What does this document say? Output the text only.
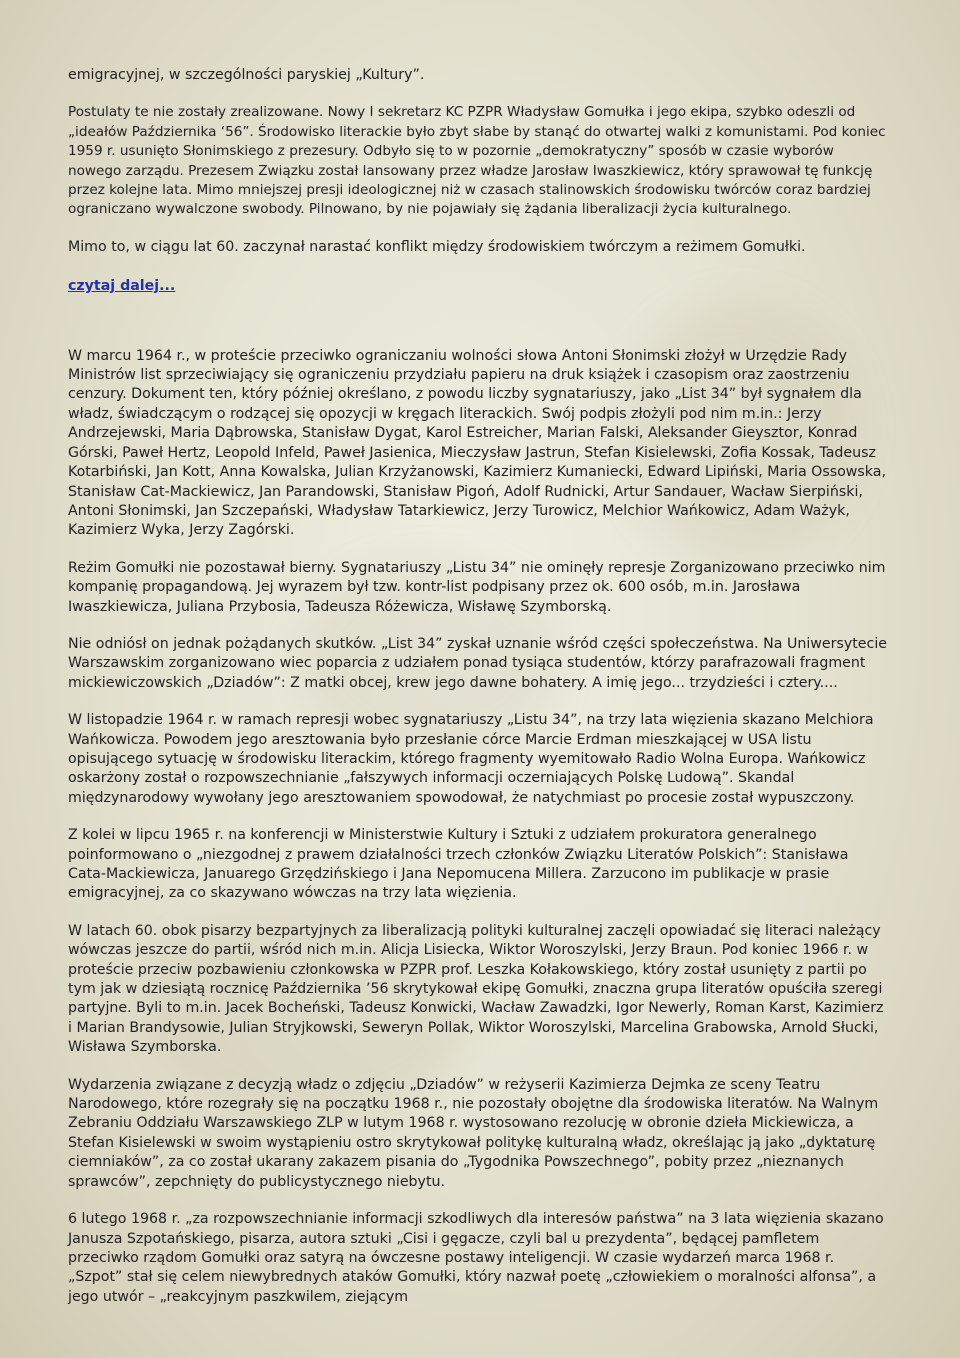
emigracyjnej, w szczególności paryskiej „Kultury”.

Postulaty te nie zostały zrealizowane. Nowy I sekretarz KC PZPR Władysław Gomułka i jego ekipa, szybko odeszli od „ideałów Października ‘56”. Środowisko literackie było zbyt słabe by stanąć do otwartej walki z komunistami. Pod koniec 1959 r. usunięto Słonimskiego z prezesury. Odbyło się to w pozornie „demokratyczny” sposób w czasie wyborów nowego zarządu. Prezesem Związku został lansowany przez władze Jarosław Iwaszkiewicz, który sprawował tę funkcję przez kolejne lata. Mimo mniejszej presji ideologicznej niż w czasach stalinowskich środowisku twórców coraz bardziej ograniczano wywalczone swobody. Pilnowano, by nie pojawiały się żądania liberalizacji życia kulturalnego.

Mimo to, w ciągu lat 60. zaczynał narastać konflikt między środowiskiem twórczym a reżimem Gomułki.

czytaj dalej...

W marcu 1964 r., w proteście przeciwko ograniczaniu wolności słowa Antoni Słonimski złożył w Urzędzie Rady Ministrów list sprzeciwiający się ograniczeniu przydziału papieru na druk książek i czasopism oraz zaostrzeniu cenzury. Dokument ten, który później określano, z powodu liczby sygnatariuszy, jako „List 34” był sygnałem dla władz, świadczącym o rodzącej się opozycji w kręgach literackich. Swój podpis złożyli pod nim m.in.: Jerzy Andrzejewski, Maria Dąbrowska, Stanisław Dygat, Karol Estreicher, Marian Falski, Aleksander Gieysztor, Konrad Górski, Paweł Hertz, Leopold Infeld, Paweł Jasienica, Mieczysław Jastrun, Stefan Kisielewski, Zofia Kossak, Tadeusz Kotarbiński, Jan Kott, Anna Kowalska, Julian Krzyżanowski, Kazimierz Kumaniecki, Edward Lipiński, Maria Ossowska, Stanisław Cat-Mackiewicz, Jan Parandowski, Stanisław Pigoń, Adolf Rudnicki, Artur Sandauer, Wacław Sierpiński, Antoni Słonimski, Jan Szczepański, Władysław Tatarkiewicz, Jerzy Turowicz, Melchior Wańkowicz, Adam Ważyk, Kazimierz Wyka, Jerzy Zagórski.

Reżim Gomułki nie pozostawał bierny. Sygnatariuszy „Listu 34” nie ominęły represje Zorganizowano przeciwko nim kompanię propagandową. Jej wyrazem był tzw. kontr-list podpisany przez ok. 600 osób, m.in. Jarosława Iwaszkiewicza, Juliana Przybosia, Tadeusza Różewicza, Wisławę Szymborską.

Nie odniósł on jednak pożądanych skutków. „List 34” zyskał uznanie wśród części społeczeństwa. Na Uniwersytecie Warszawskim zorganizowano wiec poparcia z udziałem ponad tysiąca studentów, którzy parafrazowali fragment mickiewiczowskich „Dziadów”: Z matki obcej, krew jego dawne bohatery. A imię jego... trzydzieści i cztery....

W listopadzie 1964 r. w ramach represji wobec sygnatariuszy „Listu 34”, na trzy lata więzienia skazano Melchiora Wańkowicza. Powodem jego aresztowania było przesłanie córce Marcie Erdman mieszkającej w USA listu opisującego sytuację w środowisku literackim, którego fragmenty wyemitowało Radio Wolna Europa. Wańkowicz oskarżony został o rozpowszechnianie „fałszywych informacji oczerniających Polskę Ludową”. Skandal międzynarodowy wywołany jego aresztowaniem spowodował, że natychmiast po procesie został wypuszczony.

Z kolei w lipcu 1965 r. na konferencji w Ministerstwie Kultury i Sztuki z udziałem prokuratora generalnego poinformowano o „niezgodnej z prawem działalności trzech członków Związku Literatów Polskich”: Stanisława Cata-Mackiewicza, Januarego Grzędzińskiego i Jana Nepomucena Millera. Zarzucono im publikacje w prasie emigracyjnej, za co skazywano wówczas na trzy lata więzienia.

W latach 60. obok pisarzy bezpartyjnych za liberalizacją polityki kulturalnej zaczęli opowiadać się literaci należący wówczas jeszcze do partii, wśród nich m.in. Alicja Lisiecka, Wiktor Woroszylski, Jerzy Braun. Pod koniec 1966 r. w proteście przeciw pozbawieniu członkowska w PZPR prof. Leszka Kołakowskiego, który został usunięty z partii po tym jak w dziesiątą rocznicę Października ’56 skrytykował ekipę Gomułki, znaczna grupa literatów opuściła szeregi partyjne. Byli to m.in. Jacek Bocheński, Tadeusz Konwicki, Wacław Zawadzki, Igor Newerly, Roman Karst, Kazimierz i Marian Brandysowie, Julian Stryjkowski, Seweryn Pollak, Wiktor Woroszylski, Marcelina Grabowska, Arnold Słucki, Wisława Szymborska.

Wydarzenia związane z decyzją władz o zdjęciu „Dziadów” w reżyserii Kazimierza Dejmka ze sceny Teatru Narodowego, które rozegrały się na początku 1968 r., nie pozostały obojętne dla środowiska literatów. Na Walnym Zebraniu Oddziału Warszawskiego ZLP w lutym 1968 r. wystosowano rezolucję w obronie dzieła Mickiewicza, a Stefan Kisielewski w swoim wystąpieniu ostro skrytykował politykę kulturalną władz, określając ją jako „dyktaturę ciemniaków”, za co został ukarany zakazem pisania do „Tygodnika Powszechnego”, pobity przez „nieznanych sprawców”, zepchnięty do publicystycznego niebytu.

6 lutego 1968 r. „za rozpowszechnianie informacji szkodliwych dla interesów państwa” na 3 lata więzienia skazano Janusza Szpotańskiego, pisarza, autora sztuki „Cisi i gęgacze, czyli bal u prezydenta”, będącej pamfletem przeciwko rządom Gomułki oraz satyrą na ówczesne postawy inteligencji. W czasie wydarzeń marca 1968 r. „Szpot” stał się celem niewybrednych ataków Gomułki, który nazwał poetę „człowiekiem o moralności alfonsa”, a jego utwór – „reakcyjnym paszkwilem, ziejącym
